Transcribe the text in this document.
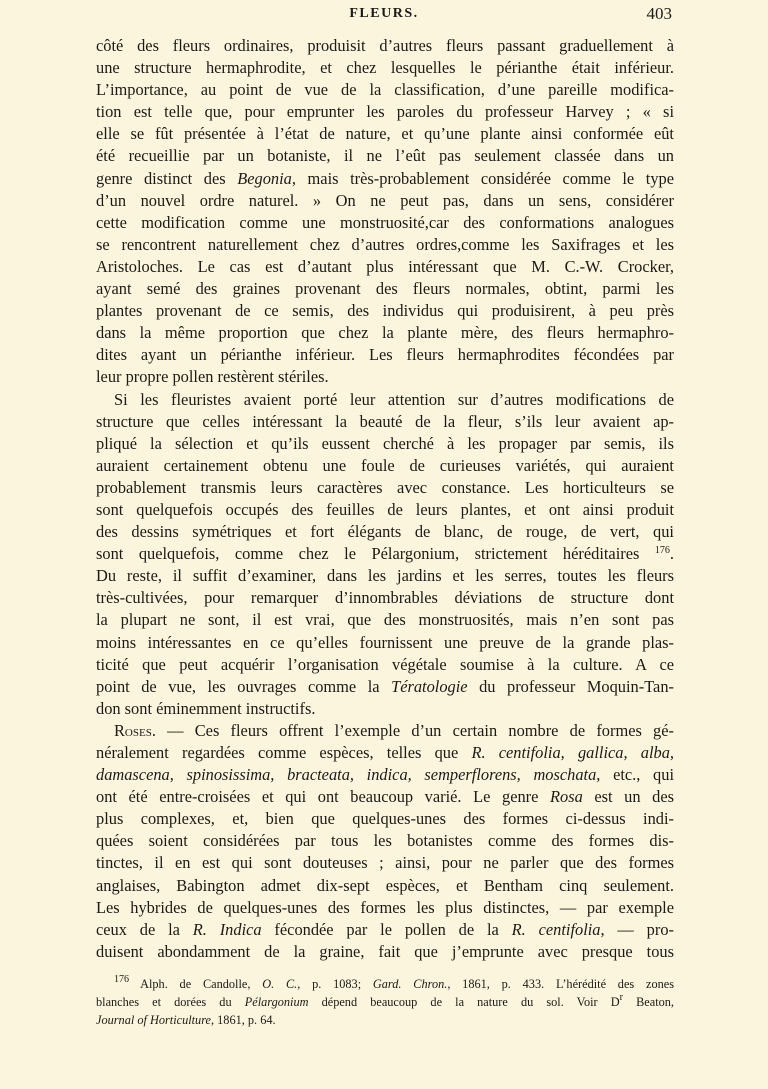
FLEURS.	403
côté des fleurs ordinaires, produisit d’autres fleurs passant graduellement à
une structure hermaphrodite, et chez lesquelles le périanthe était inférieur.
L’importance, au point de vue de la classification, d’une pareille modifica-
tion est telle que, pour emprunter les paroles du professeur Harvey ; « si
elle se fût présentée à l’état de nature, et qu’une plante ainsi conformée eût
été recueillie par un botaniste, il ne l’eût pas seulement classée dans un
genre distinct des Begonia, mais très-probablement considérée comme le type
d’un nouvel ordre naturel. » On ne peut pas, dans un sens, considérer
cette modification comme une monstruosité,car des conformations analogues
se rencontrent naturellement chez d’autres ordres,comme les Saxifrages et les
Aristoloches. Le cas est d’autant plus intéressant que M. C.-W. Crocker,
ayant semé des graines provenant des fleurs normales, obtint, parmi les
plantes provenant de ce semis, des individus qui produisirent, à peu près
dans la même proportion que chez la plante mère, des fleurs hermaphro-
dites ayant un périanthe inférieur. Les fleurs hermaphrodites fécondées par
leur propre pollen restèrent stériles.
Si les fleuristes avaient porté leur attention sur d’autres modifications de
structure que celles intéressant la beauté de la fleur, s’ils leur avaient ap-
pliqué la sélection et qu’ils eussent cherché à les propager par semis, ils
auraient certainement obtenu une foule de curieuses variétés, qui auraient
probablement transmis leurs caractères avec constance. Les horticulteurs se
sont quelquefois occupés des feuilles de leurs plantes, et ont ainsi produit
des dessins symétriques et fort élégants de blanc, de rouge, de vert, qui
sont quelquefois, comme chez le Pélargonium, strictement héréditaires $^{176}$.
Du reste, il suffit d’examiner, dans les jardins et les serres, toutes les fleurs
très-cultivées, pour remarquer d’innombrables déviations de structure dont
la plupart ne sont, il est vrai, que des monstruosités, mais n’en sont pas
moins intéressantes en ce qu’elles fournissent une preuve de la grande plas-
ticité que peut acquérir l’organisation végétale soumise à la culture. A ce
point de vue, les ouvrages comme la Tératologie du professeur Moquin-Tan-
don sont éminemment instructifs.
Roses. — Ces fleurs offrent l’exemple d’un certain nombre de formes gé-
néralement regardées comme espèces, telles que R. centifolia, gallica, alba,
damascena, spinosissima, bracteata, indica, semperflorens, moschata, etc., qui
ont été entre-croisées et qui ont beaucoup varié. Le genre Rosa est un des
plus complexes, et, bien que quelques-unes des formes ci-dessus indi-
quées soient considérées par tous les botanistes comme des formes dis-
tinctes, il en est qui sont douteuses ; ainsi, pour ne parler que des formes
anglaises, Babington admet dix-sept espèces, et Bentham cinq seulement.
Les hybrides de quelques-unes des formes les plus distinctes, — par exemple
ceux de la R. Indica fécondée par le pollen de la R. centifolia, — pro-
duisent abondamment de la graine, fait que j’emprunte avec presque tous
$^{176}$ Alph. de Candolle, O. C., p. 1083; Gard. Chron., 1861, p. 433. L’hérédité des zones
blanches et dorées du Pélargonium dépend beaucoup de la nature du sol. Voir $D^r$ Beaton,
Journal of Horticulture, 1861, p. 64.
